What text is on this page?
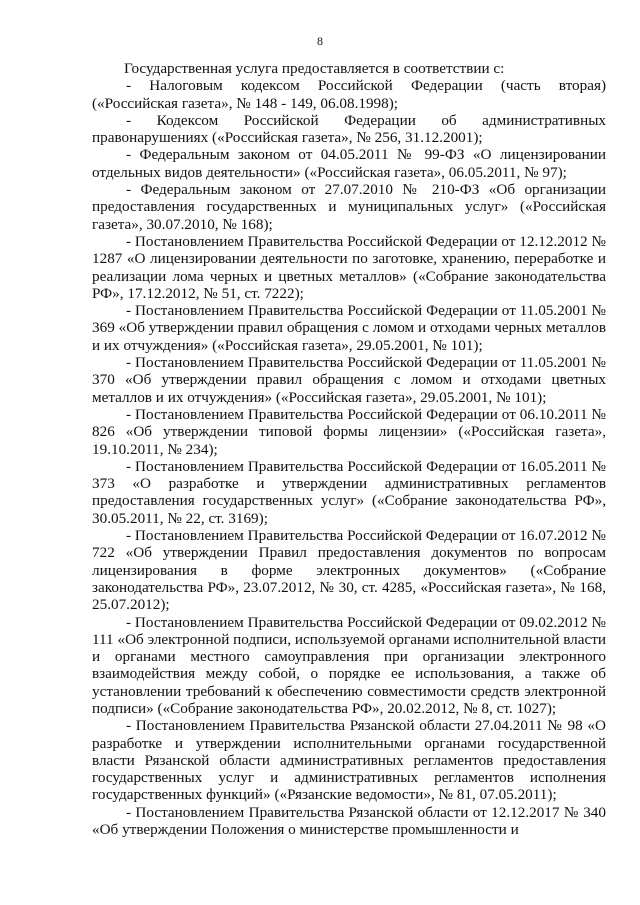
8

Государственная услуга предоставляется в соответствии с:

- Налоговым кодексом Российской Федерации (часть вторая) («Российская газета», № 148 - 149, 06.08.1998);

- Кодексом Российской Федерации об административных правонарушениях («Российская газета», № 256, 31.12.2001);

- Федеральным законом от 04.05.2011 № 99-ФЗ «О лицензировании отдельных видов деятельности» («Российская газета», 06.05.2011, № 97);

- Федеральным законом от 27.07.2010 № 210-ФЗ «Об организации предоставления государственных и муниципальных услуг» («Российская газета», 30.07.2010, № 168);

- Постановлением Правительства Российской Федерации от 12.12.2012 № 1287 «О лицензировании деятельности по заготовке, хранению, переработке и реализации лома черных и цветных металлов» («Собрание законодательства РФ», 17.12.2012, № 51, ст. 7222);

- Постановлением Правительства Российской Федерации от 11.05.2001 № 369 «Об утверждении правил обращения с ломом и отходами черных металлов и их отчуждения» («Российская газета», 29.05.2001, № 101);

- Постановлением Правительства Российской Федерации от 11.05.2001 № 370 «Об утверждении правил обращения с ломом и отходами цветных металлов и их отчуждения» («Российская газета», 29.05.2001, № 101);

- Постановлением Правительства Российской Федерации от 06.10.2011 № 826 «Об утверждении типовой формы лицензии» («Российская газета», 19.10.2011, № 234);

- Постановлением Правительства Российской Федерации от 16.05.2011 № 373 «О разработке и утверждении административных регламентов предоставления государственных услуг» («Собрание законодательства РФ», 30.05.2011, № 22, ст. 3169);

- Постановлением Правительства Российской Федерации от 16.07.2012 № 722 «Об утверждении Правил предоставления документов по вопросам лицензирования в форме электронных документов» («Собрание законодательства РФ», 23.07.2012, № 30, ст. 4285, «Российская газета», № 168, 25.07.2012);

- Постановлением Правительства Российской Федерации от 09.02.2012 № 111 «Об электронной подписи, используемой органами исполнительной власти и органами местного самоуправления при организации электронного взаимодействия между собой, о порядке ее использования, а также об установлении требований к обеспечению совместимости средств электронной подписи» («Собрание законодательства РФ», 20.02.2012, № 8, ст. 1027);

- Постановлением Правительства Рязанской области 27.04.2011 № 98 «О разработке и утверждении исполнительными органами государственной власти Рязанской области административных регламентов предоставления государственных услуг и административных регламентов исполнения государственных функций» («Рязанские ведомости», № 81, 07.05.2011);

- Постановлением Правительства Рязанской области от 12.12.2017 № 340 «Об утверждении Положения о министерстве промышленности и
